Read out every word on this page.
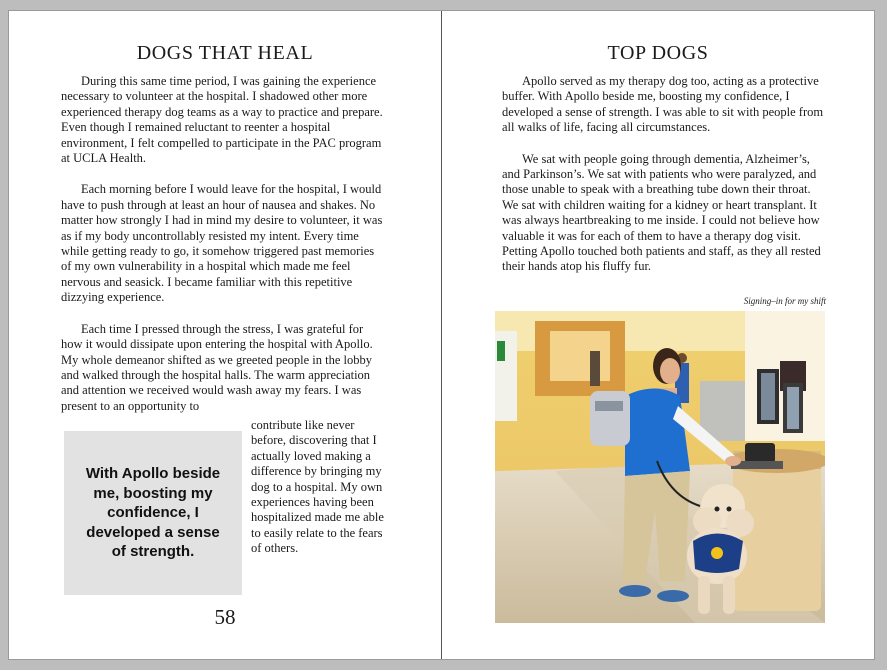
DOGS THAT HEAL

During this same time period, I was gaining the experience necessary to volunteer at the hospital. I shadowed other more experienced therapy dog teams as a way to practice and prepare. Even though I remained reluctant to reenter a hospital environment, I felt compelled to participate in the PAC program at UCLA Health.

Each morning before I would leave for the hospital, I would have to push through at least an hour of nausea and shakes. No matter how strongly I had in mind my desire to volunteer, it was as if my body uncontrollably resisted my intent. Every time while getting ready to go, it somehow triggered past memories of my own vulnerability in a hospital which made me feel nervous and seasick. I became familiar with this repetitive dizzying experience.

Each time I pressed through the stress, I was grateful for how it would dissipate upon entering the hospital with Apollo. My whole demeanor shifted as we greeted people in the lobby and walked through the hospital halls. The warm appreciation and attention we received would wash away my fears. I was present to an opportunity to

With Apollo beside me, boosting my confidence, I developed a sense of strength.

contribute like never before, discovering that I actually loved making a difference by bringing my dog to a hospital. My own experiences having been hospitalized made me able to easily relate to the fears of others.

58
TOP DOGS

Apollo served as my therapy dog too, acting as a protective buffer. With Apollo beside me, boosting my confidence, I developed a sense of strength. I was able to sit with people from all walks of life, facing all circumstances.

We sat with people going through dementia, Alzheimer’s, and Parkinson’s. We sat with patients who were paralyzed, and those unable to speak with a breathing tube down their throat. We sat with children waiting for a kidney or heart transplant. It was always heartbreaking to me inside. I could not believe how valuable it was for each of them to have a therapy dog visit. Petting Apollo touched both patients and staff, as they all rested their hands atop his fluffy fur.

Signing–in for my shift
